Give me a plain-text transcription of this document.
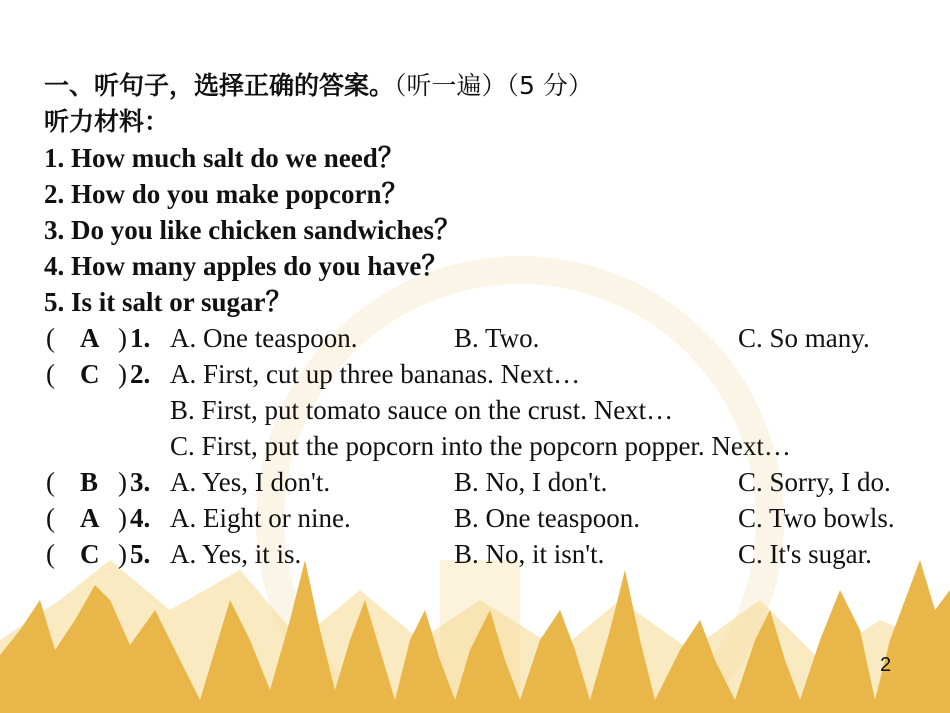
一、听句子，选择正确的答案。（听一遍）（5 分）
听力材料：
1. How much salt do we need？
2. How do you make popcorn？
3. Do you like chicken sandwiches？
4. How many apples do you have？
5. Is it salt or sugar？
( A ) 1. A. One teaspoon.	B. Two.	C. So many.
( C ) 2. A. First, cut up three bananas. Next…
B. First, put tomato sauce on the crust. Next…
C. First, put the popcorn into the popcorn popper. Next…
( B ) 3. A. Yes, I don't.	B. No, I don't.	C. Sorry, I do.
( A ) 4. A. Eight or nine.	B. One teaspoon.	C. Two bowls.
( C ) 5. A. Yes, it is.	B. No, it isn't.	C. It's sugar.
2
